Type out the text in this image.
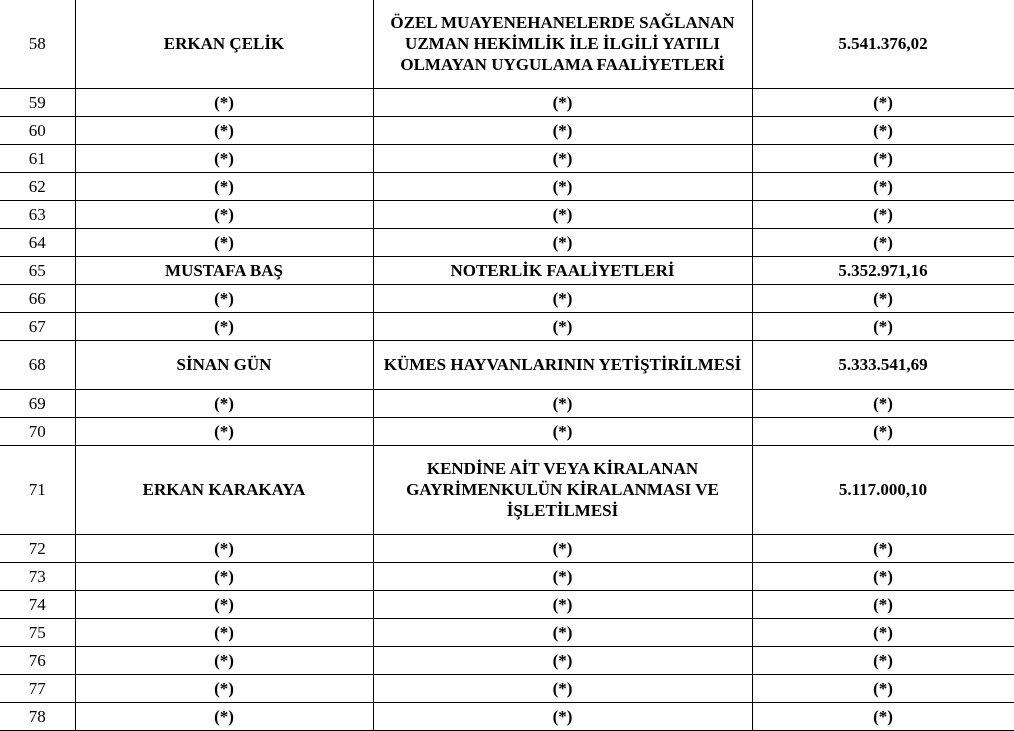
58	ERKAN ÇELİK	ÖZEL MUAYENEHANELERDE SAĞLANAN UZMAN HEKİMLİK İLE İLGİLİ YATILI OLMAYAN UYGULAMA FAALİYETLERİ	5.541.376,02
59	(*)	(*)	(*)
60	(*)	(*)	(*)
61	(*)	(*)	(*)
62	(*)	(*)	(*)
63	(*)	(*)	(*)
64	(*)	(*)	(*)
65	MUSTAFA BAŞ	NOTERLİK FAALİYETLERİ	5.352.971,16
66	(*)	(*)	(*)
67	(*)	(*)	(*)
68	SİNAN GÜN	KÜMES HAYVANLARININ YETİŞTİRİLMESİ	5.333.541,69
69	(*)	(*)	(*)
70	(*)	(*)	(*)
71	ERKAN KARAKAYA	KENDİNE AİT VEYA KİRALANAN GAYRİMENKULÜN KİRALANMASI VE İŞLETİLMESİ	5.117.000,10
72	(*)	(*)	(*)
73	(*)	(*)	(*)
74	(*)	(*)	(*)
75	(*)	(*)	(*)
76	(*)	(*)	(*)
77	(*)	(*)	(*)
78	(*)	(*)	(*)
